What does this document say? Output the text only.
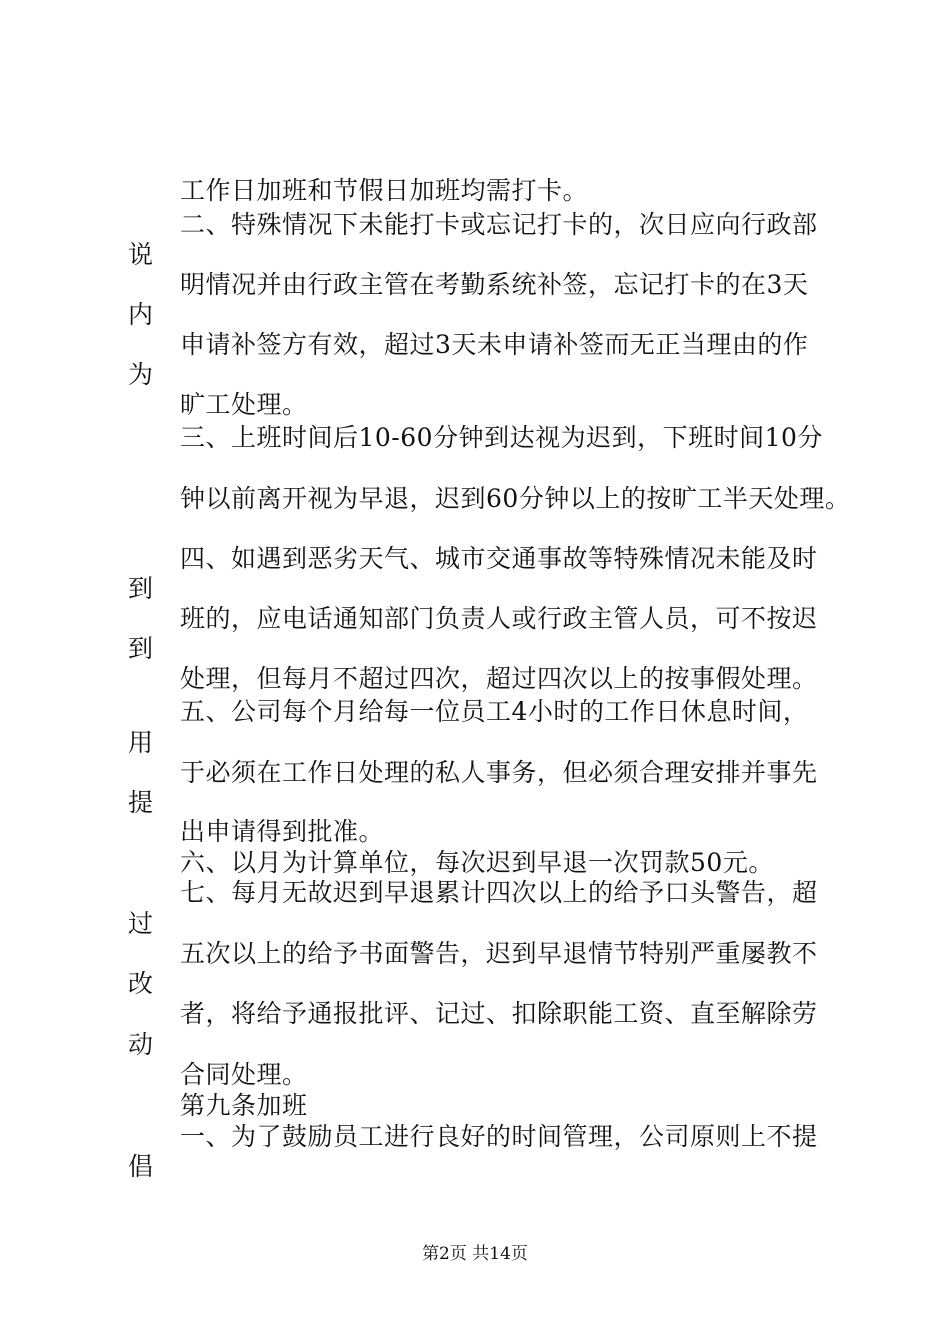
工作日加班和节假日加班均需打卡。
二、特殊情况下未能打卡或忘记打卡的，次日应向行政部
明情况并由行政主管在考勤系统补签，忘记打卡的在3天
申请补签方有效，超过3天未申请补签而无正当理由的作
旷工处理。
三、上班时间后10-60分钟到达视为迟到，下班时间10分
钟以前离开视为早退，迟到60分钟以上的按旷工半天处理。
四、如遇到恶劣天气、城市交通事故等特殊情况未能及时
班的，应电话通知部门负责人或行政主管人员，可不按迟
处理，但每月不超过四次，超过四次以上的按事假处理。
五、公司每个月给每一位员工4小时的工作日休息时间，
于必须在工作日处理的私人事务，但必须合理安排并事先
出申请得到批准。
六、以月为计算单位，每次迟到早退一次罚款50元。
七、每月无故迟到早退累计四次以上的给予口头警告，超
五次以上的给予书面警告，迟到早退情节特别严重屡教不
者，将给予通报批评、记过、扣除职能工资、直至解除劳
合同处理。
第九条加班
一、为了鼓励员工进行良好的时间管理，公司原则上不提
说
内
为
到
到
用
提
过
改
动
倡
第2页 共14页
